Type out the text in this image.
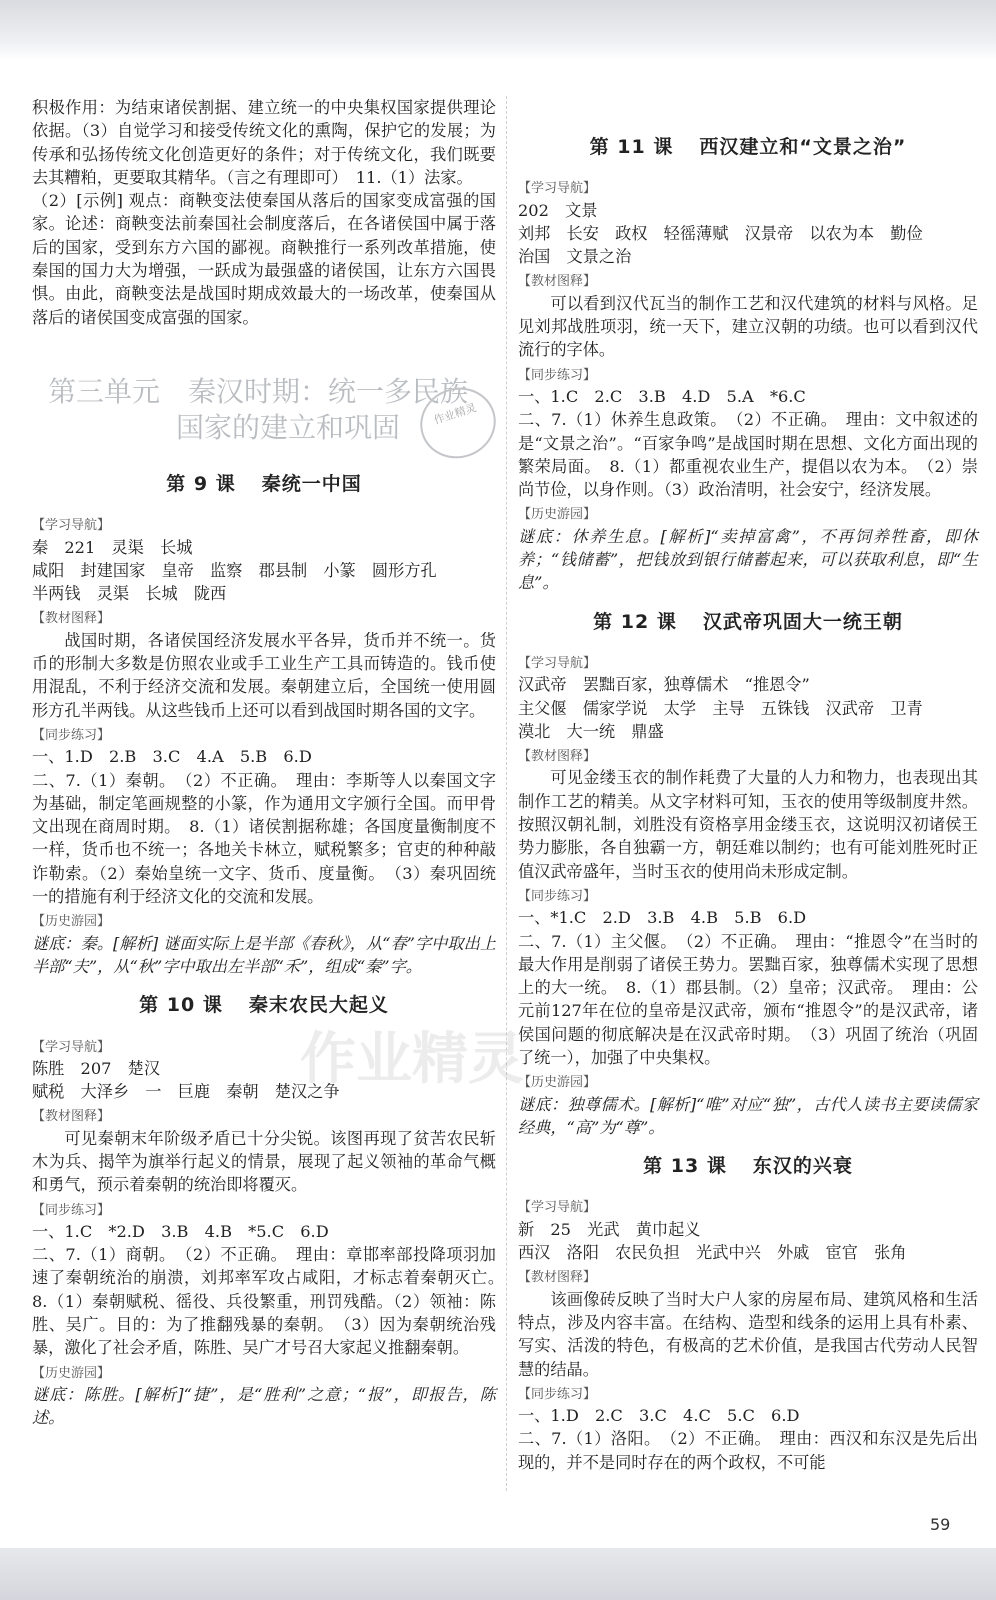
积极作用：为结束诸侯割据、建立统一的中央集权国家提供理论依据。（3）自觉学习和接受传统文化的熏陶，保护它的发展；为传承和弘扬传统文化创造更好的条件；对于传统文化，我们既要去其糟粕，更要取其精华。（言之有理即可）　11.（1）法家。

（2）[示例] 观点：商鞅变法使秦国从落后的国家变成富强的国家。论述：商鞅变法前秦国社会制度落后，在各诸侯国中属于落后的国家，受到东方六国的鄙视。商鞅推行一系列改革措施，使秦国的国力大为增强，一跃成为最强盛的诸侯国，让东方六国畏惧。由此，商鞅变法是战国时期成效最大的一场改革，使秦国从落后的诸侯国变成富强的国家。

第 9 课 秦统一中国
【学习导航】

秦　221　灵渠　长城

咸阳　封建国家　皇帝　监察　郡县制　小篆　圆形方孔

半两钱　灵渠　长城　陇西

【教材图释】

战国时期，各诸侯国经济发展水平各异，货币并不统一。货币的形制大多数是仿照农业或手工业生产工具而铸造的。钱币使用混乱，不利于经济交流和发展。秦朝建立后，全国统一使用圆形方孔半两钱。从这些钱币上还可以看到战国时期各国的文字。

【同步练习】

一、1.D　2.B　3.C　4.A　5.B　6.D

二、7.（1）秦朝。　（2）不正确。　理由：李斯等人以秦国文字为基础，制定笔画规整的小篆，作为通用文字颁行全国。而甲骨文出现在商周时期。　8.（1）诸侯割据称雄；各国度量衡制度不一样，货币也不统一；各地关卡林立，赋税繁多；官吏的种种敲诈勒索。（2）秦始皇统一文字、货币、度量衡。　（3）秦巩固统一的措施有利于经济文化的交流和发展。

【历史游园】

谜底：秦。[解析] 谜面实际上是半部《春秋》，从“春”字中取出上半部“夫”，从“秋”字中取出左半部“禾”，组成“秦”字。

第 10 课 秦末农民大起义
【学习导航】

陈胜　207　楚汉

赋税　大泽乡　一　巨鹿　秦朝　楚汉之争

【教材图释】

可见秦朝末年阶级矛盾已十分尖锐。该图再现了贫苦农民斩木为兵、揭竿为旗举行起义的情景，展现了起义领袖的革命气概和勇气，预示着秦朝的统治即将覆灭。

【同步练习】

一、1.C　*2.D　3.B　4.B　*5.C　6.D

二、7.（1）商朝。　（2）不正确。　理由：章邯率部投降项羽加速了秦朝统治的崩溃，刘邦率军攻占咸阳，才标志着秦朝灭亡。　8.（1）秦朝赋税、徭役、兵役繁重，刑罚残酷。（2）领袖：陈胜、吴广。目的：为了推翻残暴的秦朝。　（3）因为秦朝统治残暴，激化了社会矛盾，陈胜、吴广才号召大家起义推翻秦朝。

【历史游园】

谜底：陈胜。[解析]“捷”，是“胜利”之意；“报”，即报告，陈述。

第三单元　秦汉时期：统一多民族
国家的建立和巩固	作业精灵
第 11 课 西汉建立和“文景之治”
【学习导航】

202　文景

刘邦　长安　政权　轻徭薄赋　汉景帝　以农为本　勤俭

治国　文景之治

【教材图释】

可以看到汉代瓦当的制作工艺和汉代建筑的材料与风格。足见刘邦战胜项羽，统一天下，建立汉朝的功绩。也可以看到汉代流行的字体。

【同步练习】

一、1.C　2.C　3.B　4.D　5.A　*6.C

二、7.（1）休养生息政策。　（2）不正确。　理由：文中叙述的是“文景之治”。“百家争鸣”是战国时期在思想、文化方面出现的繁荣局面。　8.（1）都重视农业生产，提倡以农为本。　（2）崇尚节俭，以身作则。（3）政治清明，社会安宁，经济发展。

【历史游园】

谜底：休养生息。[解析]“卖掉富禽”，不再饲养牲畜，即休养；“钱储蓄”，把钱放到银行储蓄起来，可以获取利息，即“生息”。

第 12 课 汉武帝巩固大一统王朝
【学习导航】

汉武帝　罢黜百家，独尊儒术　“推恩令”

主父偃　儒家学说　太学　主导　五铢钱　汉武帝　卫青

漠北　大一统　鼎盛

【教材图释】

可见金缕玉衣的制作耗费了大量的人力和物力，也表现出其制作工艺的精美。从文字材料可知，玉衣的使用等级制度井然。按照汉朝礼制，刘胜没有资格享用金缕玉衣，这说明汉初诸侯王势力膨胀，各自独霸一方，朝廷难以制约；也有可能刘胜死时正值汉武帝盛年，当时玉衣的使用尚未形成定制。

【同步练习】

一、*1.C　2.D　3.B　4.B　5.B　6.D

二、7.（1）主父偃。　（2）不正确。　理由：“推恩令”在当时的最大作用是削弱了诸侯王势力。罢黜百家，独尊儒术实现了思想上的大一统。　8.（1）郡县制。（2）皇帝；汉武帝。　理由：公元前127年在位的皇帝是汉武帝，颁布“推恩令”的是汉武帝，诸侯国问题的彻底解决是在汉武帝时期。　（3）巩固了统治（巩固了统一），加强了中央集权。

【历史游园】

谜底：独尊儒术。[解析]“唯”对应“独”，古代人读书主要读儒家经典，“高”为“尊”。

第 13 课 东汉的兴衰
【学习导航】

新　25　光武　黄巾起义

西汉　洛阳　农民负担　光武中兴　外戚　宦官　张角

【教材图释】

该画像砖反映了当时大户人家的房屋布局、建筑风格和生活特点，涉及内容丰富。在结构、造型和线条的运用上具有朴素、写实、活泼的特色，有极高的艺术价值，是我国古代劳动人民智慧的结晶。

【同步练习】

一、1.D　2.C　3.C　4.C　5.C　6.D

二、7.（1）洛阳。　（2）不正确。　理由：西汉和东汉是先后出现的，并不是同时存在的两个政权，不可能

作业精灵
59
